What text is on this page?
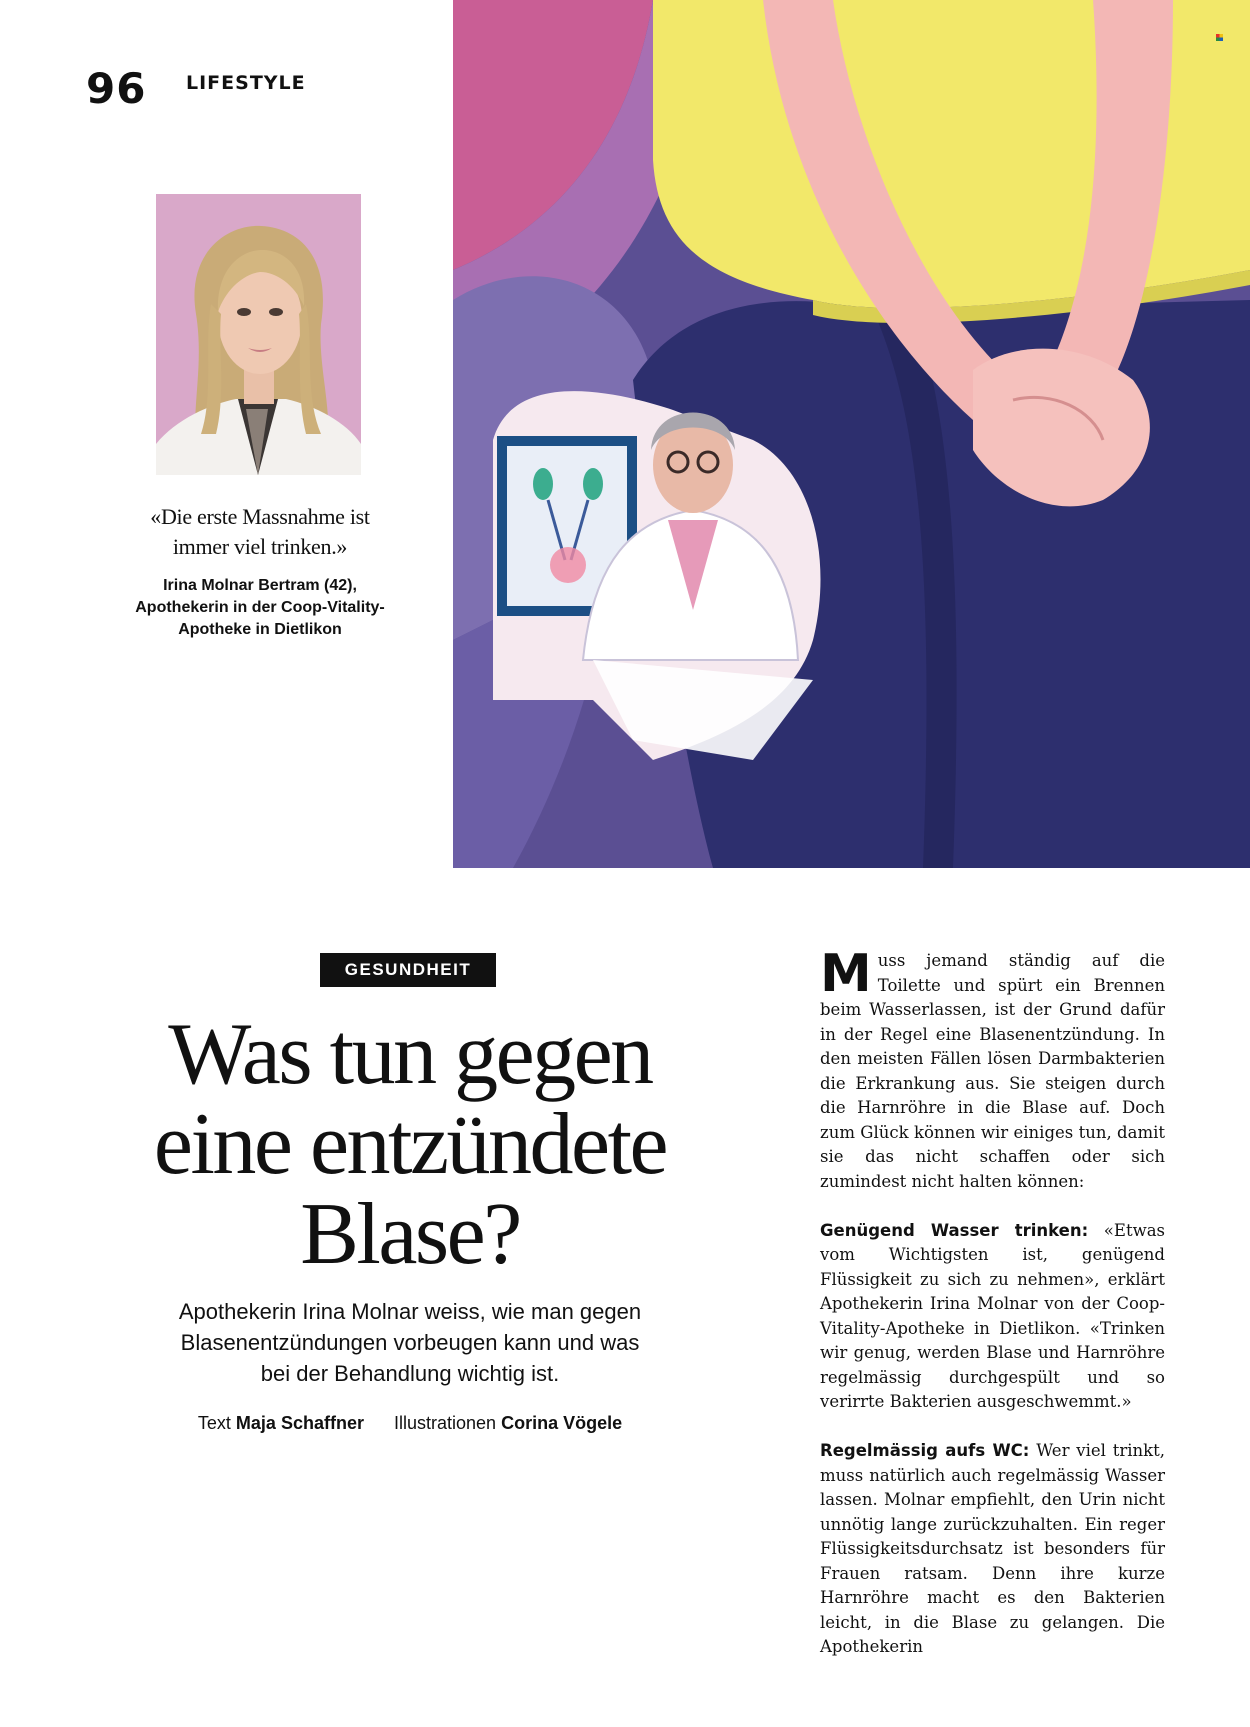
96 LIFESTYLE
«Die erste Massnahme ist immer viel trinken.»
Irina Molnar Bertram (42),
Apothekerin in der Coop-Vitality-
Apotheke in Dietlikon
GESUNDHEIT
Was tun gegen
eine entzündete
Blase?
Apothekerin Irina Molnar weiss, wie man gegen Blasenentzündungen vorbeugen kann und was bei der Behandlung wichtig ist.
Text Maja Schaffner Illustrationen Corina Vögele

Muss jemand ständig auf die Toilette und spürt ein Brennen beim Wasserlassen, ist der Grund dafür in der Regel eine Blasenentzündung. In den meisten Fällen lösen Darmbakterien die Erkrankung aus. Sie steigen durch die Harnröhre in die Blase auf. Doch zum Glück können wir einiges tun, damit sie das nicht schaffen oder sich zumindest nicht halten können:

Genügend Wasser trinken: «Etwas vom Wichtigsten ist, genügend Flüssigkeit zu sich zu nehmen», erklärt Apothekerin Irina Molnar von der Coop-Vitality-Apotheke in Dietlikon. «Trinken wir genug, werden Blase und Harnröhre regelmässig durchgespült und so verirrte Bakterien ausgeschwemmt.»

Regelmässig aufs WC: Wer viel trinkt, muss natürlich auch regelmässig Wasser lassen. Molnar empfiehlt, den Urin nicht unnötig lange zurückzuhalten. Ein reger Flüssigkeitsdurchsatz ist besonders für Frauen ratsam. Denn ihre kurze Harnröhre macht es den Bakterien leicht, in die Blase zu gelangen. Die Apothekerin
